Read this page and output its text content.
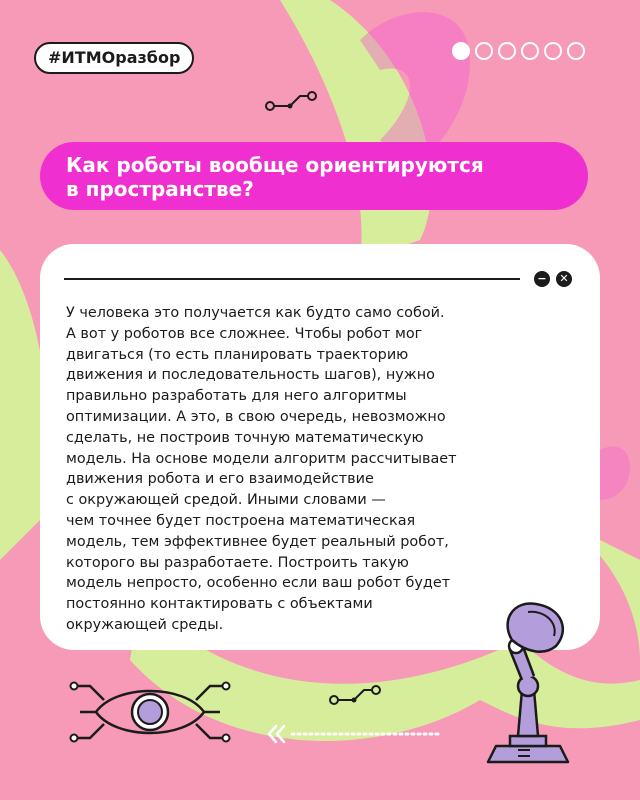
#ИТМОразбор
Как роботы вообще ориентируются
в пространстве?
−	✕
У человека это получается как будто само собой.
А вот у роботов все сложнее. Чтобы робот мог
двигаться (то есть планировать траекторию
движения и последовательность шагов), нужно
правильно разработать для него алгоритмы
оптимизации. А это, в свою очередь, невозможно
сделать, не построив точную математическую
модель. На основе модели алгоритм рассчитывает
движения робота и его взаимодействие
с окружающей средой. Иными словами —
чем точнее будет построена математическая
модель, тем эффективнее будет реальный робот,
которого вы разработаете. Построить такую
модель непросто, особенно если ваш робот будет
постоянно контактировать с объектами
окружающей среды.
